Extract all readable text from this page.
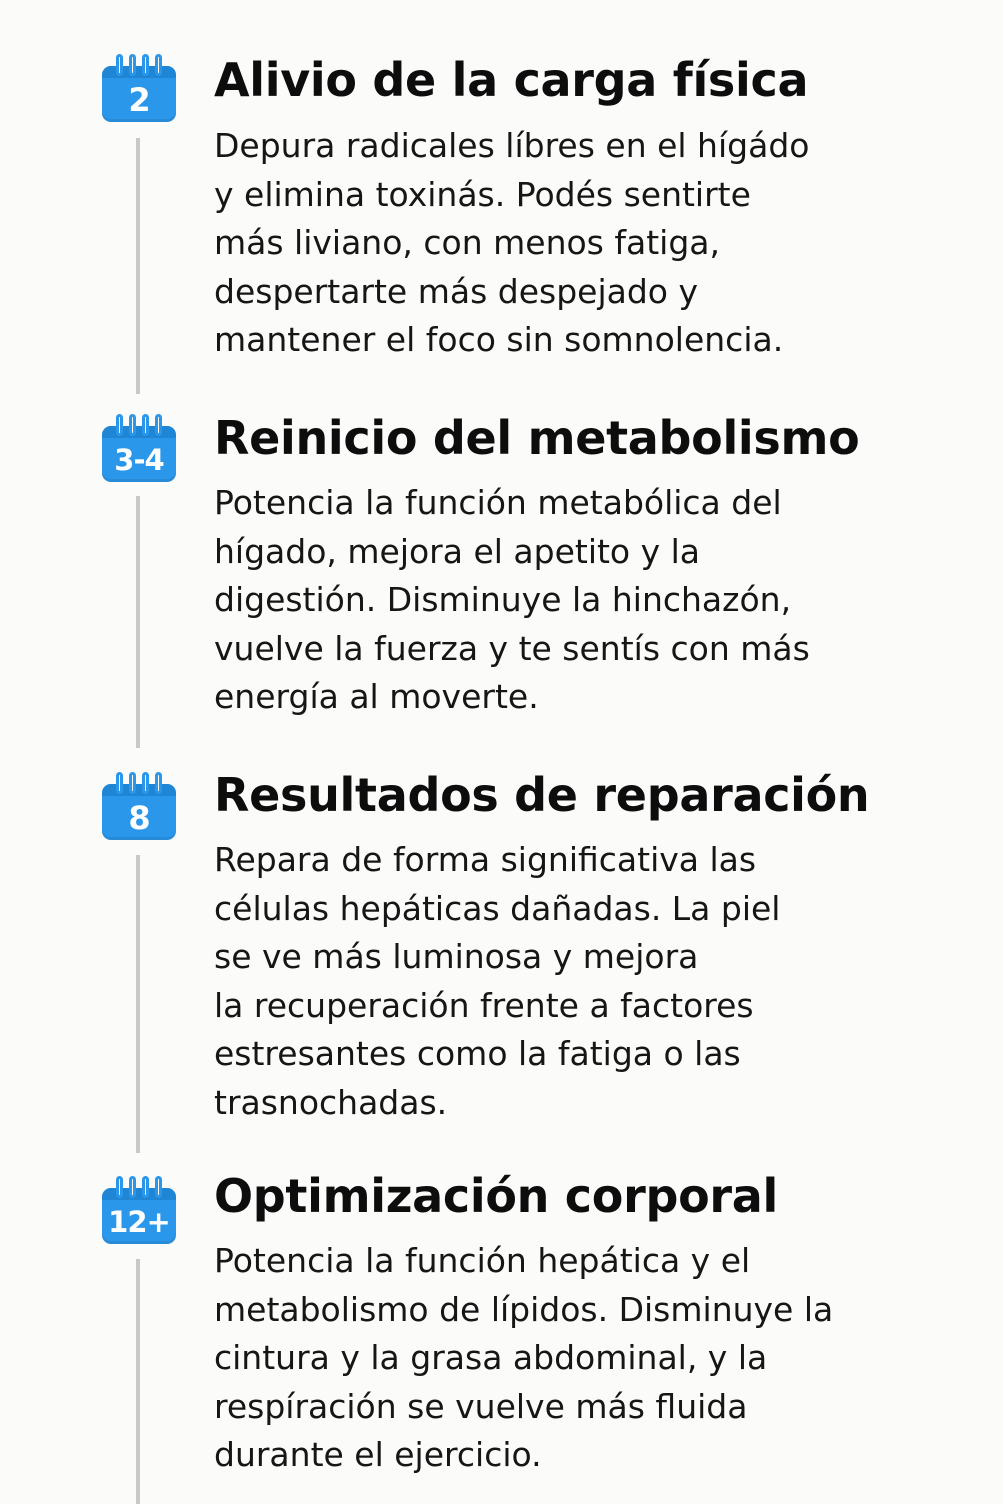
2	Alivio de la carga física
Depura radicales líbres en el hígádo
y elimina toxinás. Podés sentirte
más liviano, con menos fatiga,
despertarte más despejado y
mantener el foco sin somnolencia.
3-4 Reinicio del metabolismo
Potencia la función metabólica del
hígado, mejora el apetito y la
digestión. Disminuye la hinchazón,
vuelve la fuerza y te sentís con más
energía al moverte.
8	Resultados de reparación
Repara de forma significativa las
células hepáticas dañadas. La piel
se ve más luminosa y mejora
la recuperación frente a factores
estresantes como la fatiga o las
trasnochadas.
12+ Optimización corporal
Potencia la función hepática y el
metabolismo de lípidos. Disminuye la
cintura y la grasa abdominal, y la
respíración se vuelve más fluida
durante el ejercicio.
